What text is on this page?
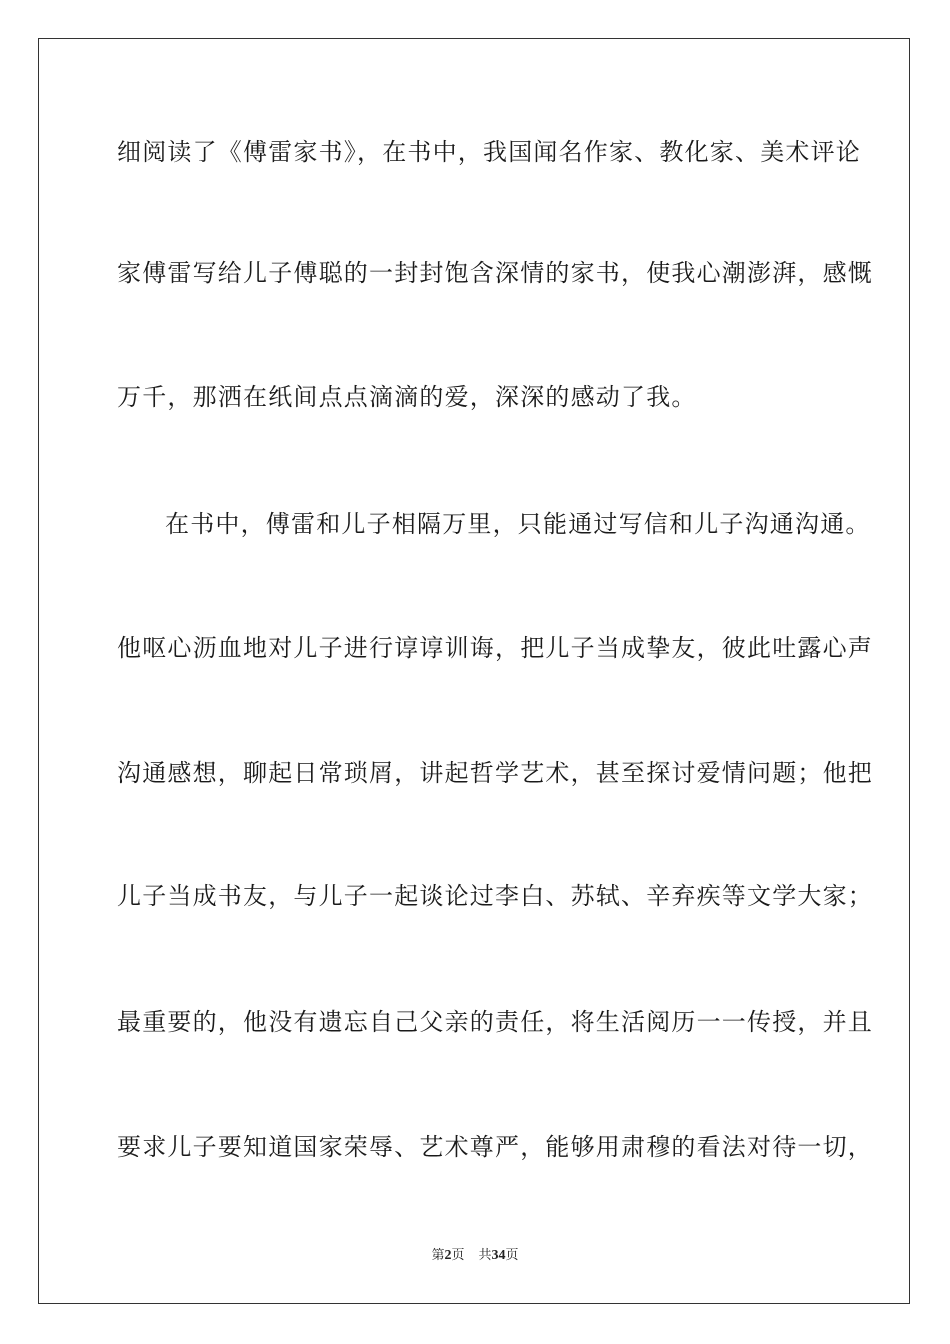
细阅读了《傅雷家书》，在书中，我国闻名作家、教化家、美术评论
家傅雷写给儿子傅聪的一封封饱含深情的家书，使我心潮澎湃，感慨
万千，那洒在纸间点点滴滴的爱，深深的感动了我。
在书中，傅雷和儿子相隔万里，只能通过写信和儿子沟通沟通。
他呕心沥血地对儿子进行谆谆训诲，把儿子当成挚友，彼此吐露心声
沟通感想，聊起日常琐屑，讲起哲学艺术，甚至探讨爱情问题；他把
儿子当成书友，与儿子一起谈论过李白、苏轼、辛弃疾等文学大家；
最重要的，他没有遗忘自己父亲的责任，将生活阅历一一传授，并且
要求儿子要知道国家荣辱、艺术尊严，能够用肃穆的看法对待一切，
第2页 共34页
